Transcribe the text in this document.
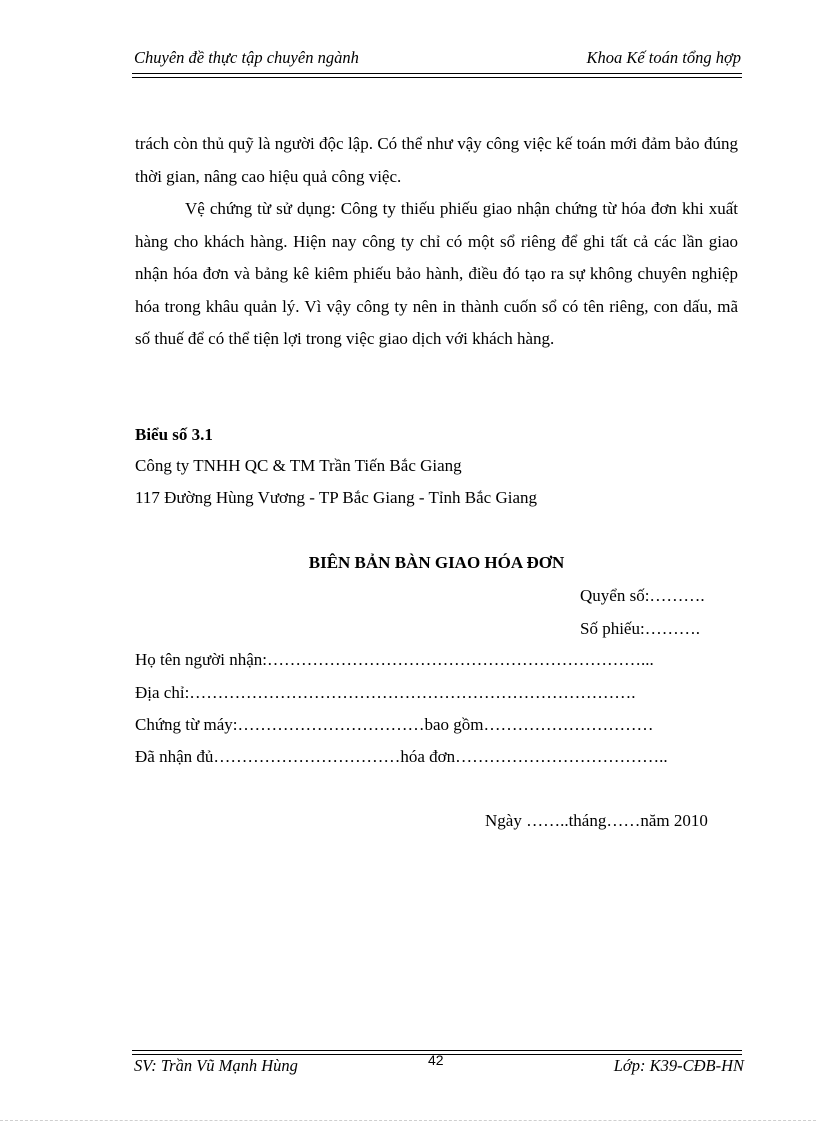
Chuyên đề thực tập chuyên ngành	Khoa Kế toán tổng hợp
trách còn thủ quỹ là người độc lập. Có thể như vậy công việc kế toán mới đảm bảo đúng thời gian, nâng cao hiệu quả công việc.
Vệ chứng từ sử dụng: Công ty thiếu phiếu giao nhận chứng từ hóa đơn khi xuất hàng cho khách hàng. Hiện nay công ty chỉ có một sổ riêng để ghi tất cả các lần giao nhận hóa đơn và bảng kê kiêm phiếu bảo hành, điều đó tạo ra sự không chuyên nghiệp hóa trong khâu quản lý. Vì vậy công ty nên in thành cuốn sổ có tên riêng, con dấu, mã số thuế để có thể tiện lợi trong việc giao dịch với khách hàng.
Biểu số 3.1
Công ty TNHH QC & TM Trần Tiến Bắc Giang
117 Đường Hùng Vương - TP Bắc Giang - Tỉnh Bắc Giang
BIÊN BẢN BÀN GIAO HÓA ĐƠN
Quyển số:……….
Số phiếu:……….
Họ tên người nhận:…………………………………………………………...
Địa chỉ:…………………………………………………………………….
Chứng từ máy:……………………………bao gồm…………………………
Đã nhận đủ……………………………hóa đơn………………………………..
Ngày ……..tháng……năm 2010
SV: Trần Vũ Mạnh Hùng	42	Lớp: K39-CĐB-HN
